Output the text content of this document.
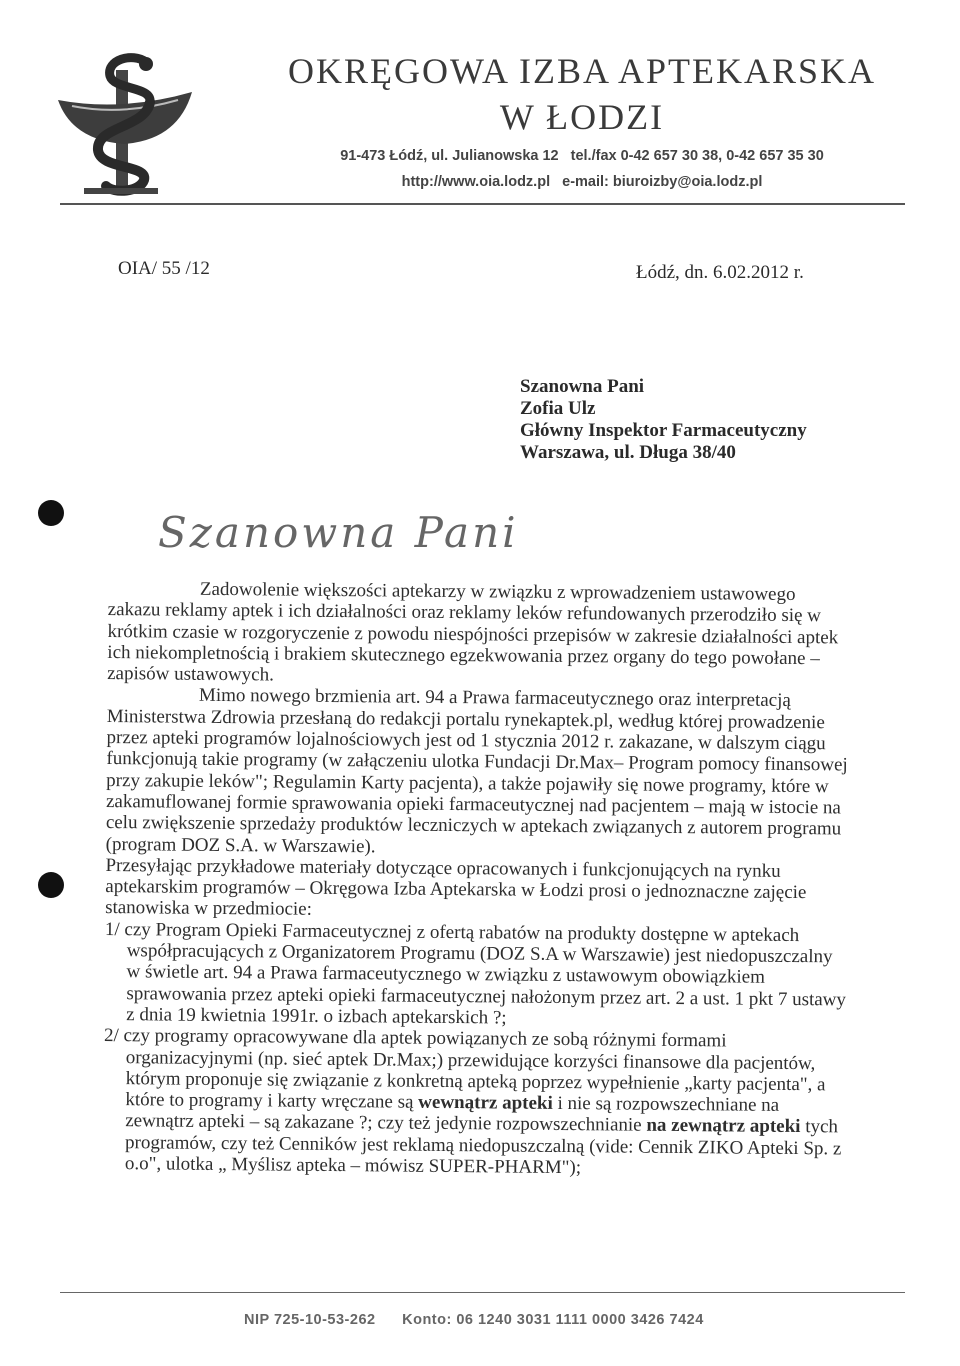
OKRĘGOWA IZBA APTEKARSKA
W ŁODZI
91-473 Łódź, ul. Julianowska 12 tel./fax 0-42 657 30 38, 0-42 657 35 30
http://www.oia.lodz.pl e-mail: biuroizby@oia.lodz.pl
OIA/ 55 /12	Łódź, dn. 6.02.2012 r.
Szanowna Pani
Zofia Ulz
Główny Inspektor Farmaceutyczny
Warszawa, ul. Długa 38/40
Szanowna Pani

Zadowolenie większości aptekarzy w związku z wprowadzeniem ustawowego zakazu reklamy aptek i ich działalności oraz reklamy leków refundowanych przerodziło się w krótkim czasie w rozgoryczenie z powodu niespójności przepisów w zakresie działalności aptek ich niekompletnością i brakiem skutecznego egzekwowania przez organy do tego powołane – zapisów ustawowych.

Mimo nowego brzmienia art. 94 a Prawa farmaceutycznego oraz interpretacją Ministerstwa Zdrowia przesłaną do redakcji portalu rynekaptek.pl, według której prowadzenie przez apteki programów lojalnościowych jest od 1 stycznia 2012 r. zakazane, w dalszym ciągu funkcjonują takie programy (w załączeniu ulotka Fundacji Dr.Max– Program pomocy finansowej przy zakupie leków"; Regulamin Karty pacjenta), a także pojawiły się nowe programy, które w zakamuflowanej formie sprawowania opieki farmaceutycznej nad pacjentem – mają w istocie na celu zwiększenie sprzedaży produktów leczniczych w aptekach związanych z autorem programu (program DOZ S.A. w Warszawie).

Przesyłając przykładowe materiały dotyczące opracowanych i funkcjonujących na rynku aptekarskim programów – Okręgowa Izba Aptekarska w Łodzi prosi o jednoznaczne zajęcie stanowiska w przedmiocie:

1/ czy Program Opieki Farmaceutycznej z ofertą rabatów na produkty dostępne w aptekach współpracujących z Organizatorem Programu (DOZ S.A w Warszawie) jest niedopuszczalny w świetle art. 94 a Prawa farmaceutycznego w związku z ustawowym obowiązkiem sprawowania przez apteki opieki farmaceutycznej nałożonym przez art. 2 a ust. 1 pkt 7 ustawy z dnia 19 kwietnia 1991r. o izbach aptekarskich ?;

2/ czy programy opracowywane dla aptek powiązanych ze sobą różnymi formami organizacyjnymi (np. sieć aptek Dr.Max;) przewidujące korzyści finansowe dla pacjentów, którym proponuje się związanie z konkretną apteką poprzez wypełnienie „karty pacjenta", a które to programy i karty wręczane są wewnątrz apteki i nie są rozpowszechniane na zewnątrz apteki – są zakazane ?; czy też jedynie rozpowszechnianie na zewnątrz apteki tych programów, czy też Cenników jest reklamą niedopuszczalną (vide: Cennik ZIKO Apteki Sp. z o.o", ulotka „ Myślisz apteka – mówisz SUPER-PHARM");

NIP 725-10-53-262 Konto: 06 1240 3031 1111 0000 3426 7424
